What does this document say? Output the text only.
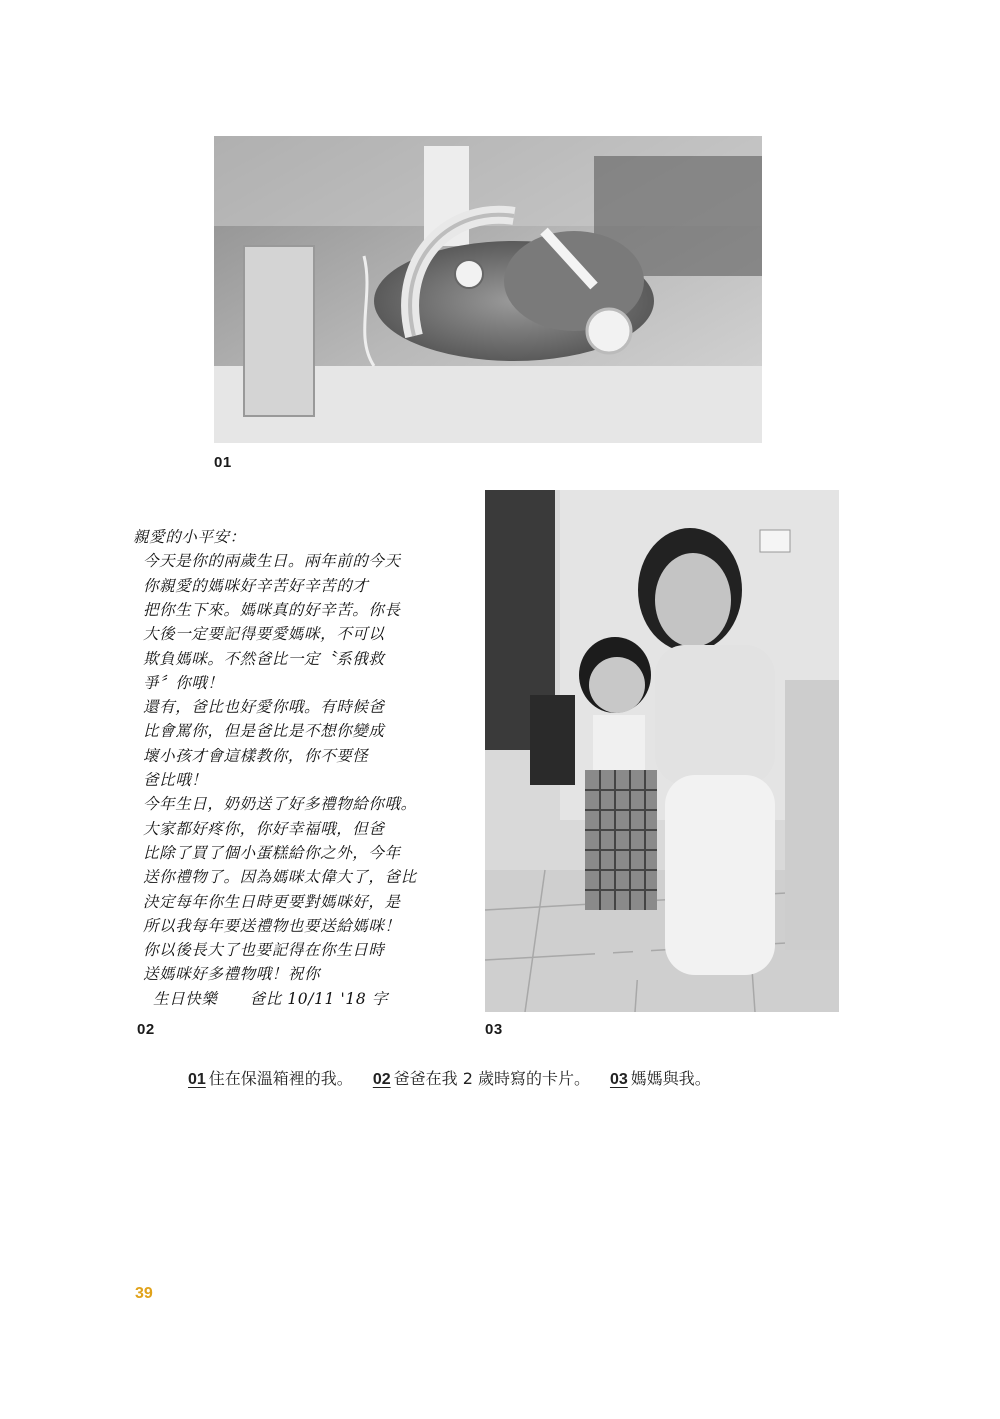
01
親愛的小平安：
今天是你的兩歲生日。兩年前的今天
你親愛的媽咪好辛苦好辛苦的才
把你生下來。媽咪真的好辛苦。你長
大後一定要記得要愛媽咪，不可以
欺負媽咪。不然爸比一定〝系俄救
爭〞你哦！
還有，爸比也好愛你哦。有時候爸
比會罵你，但是爸比是不想你變成
壞小孩才會這樣教你，你不要怪
爸比哦！
今年生日，奶奶送了好多禮物給你哦。
大家都好疼你，你好幸福哦，但爸
比除了買了個小蛋糕給你之外，今年
送你禮物了。因為媽咪太偉大了，爸比
決定每年你生日時更要對媽咪好，是
所以我每年要送禮物也要送給媽咪！
你以後長大了也要記得在你生日時
送媽咪好多禮物哦！祝你
生日快樂　　爸比 10/11 '18 字
02	03
01 住在保溫箱裡的我。 02 爸爸在我 2 歲時寫的卡片。 03 媽媽與我。
39
